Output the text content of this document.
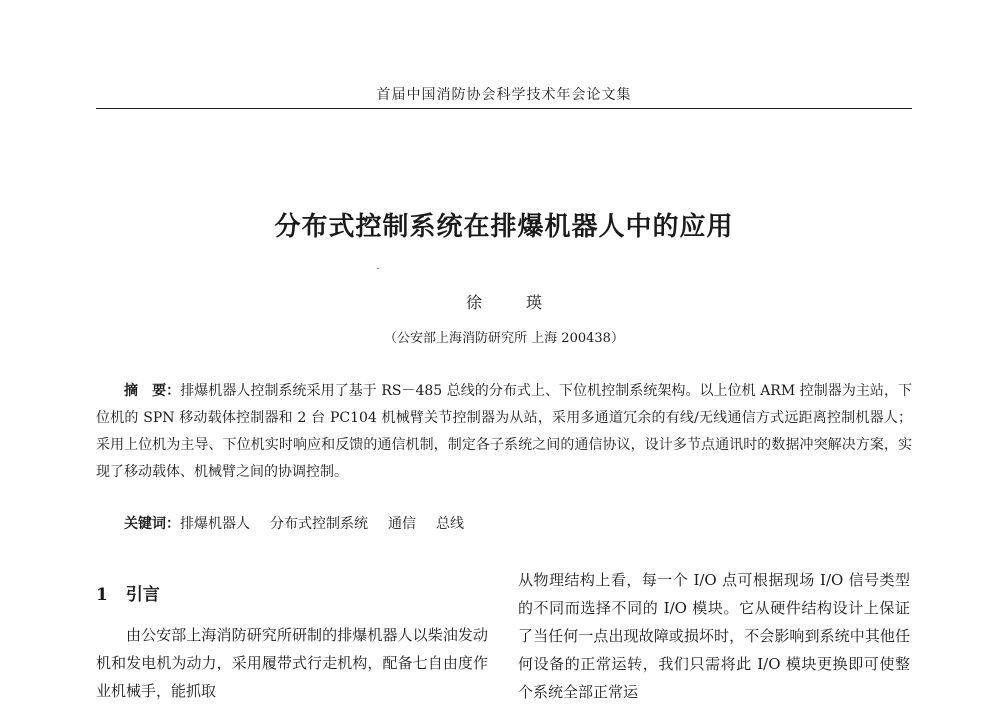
首届中国消防协会科学技术年会论文集
分布式控制系统在排爆机器人中的应用
徐　瑛
（公安部上海消防研究所 上海 200438）

摘　要：排爆机器人控制系统采用了基于 RS－485 总线的分布式上、下位机控制系统架构。以上位机 ARM 控制器为主站，下位机的 SPN 移动载体控制器和 2 台 PC104 机械臂关节控制器为从站，采用多通道冗余的有线/无线通信方式远距离控制机器人；采用上位机为主导、下位机实时响应和反馈的通信机制，制定各子系统之间的通信协议，设计多节点通讯时的数据冲突解决方案，实现了移动载体、机械臂之间的协调控制。

关键词：排爆机器人 分布式控制系统 通信 总线
1 引言

由公安部上海消防研究所研制的排爆机器人以柴油发动机和发电机为动力，采用履带式行走机构，配备七自由度作业机械手，能抓取

从物理结构上看，每一个 I/O 点可根据现场 I/O 信号类型的不同而选择不同的 I/O 模块。它从硬件结构设计上保证了当任何一点出现故障或损坏时，不会影响到系统中其他任何设备的正常运转，我们只需将此 I/O 模块更换即可使整个系统全部正常运
